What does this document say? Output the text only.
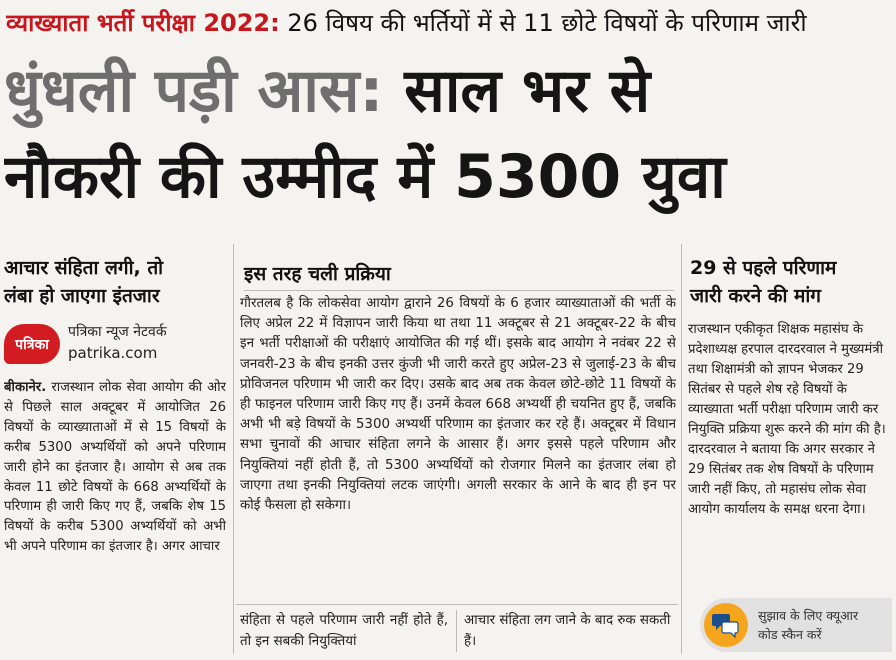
व्याख्याता भर्ती परीक्षा 2022: 26 विषय की भर्तियों में से 11 छोटे विषयों के परिणाम जारी
धुंधली पड़ी आस: साल भर से
नौकरी की उम्मीद में 5300 युवा
आचार संहिता लगी, तो
लंबा हो जाएगा इंतजार
पत्रिका
पत्रिका न्यूज नेटवर्क
patrika.com
बीकानेर. राजस्थान लोक सेवा आयोग की ओर से पिछले साल अक्टूबर में आयोजित 26 विषयों के व्याख्याताओं में से 15 विषयों के करीब 5300 अभ्यर्थियों को अपने परिणाम जारी होने का इंतजार है। आयोग से अब तक केवल 11 छोटे विषयों के 668 अभ्यर्थियों के परिणाम ही जारी किए गए हैं, जबकि शेष 15 विषयों के करीब 5300 अभ्यर्थियों को अभी भी अपने परिणाम का इंतजार है। अगर आचार
इस तरह चली प्रक्रिया
गौरतलब है कि लोकसेवा आयोग द्वाराने 26 विषयों के 6 हजार व्याख्याताओं की भर्ती के लिए अप्रेल 22 में विज्ञापन जारी किया था तथा 11 अक्टूबर से 21 अक्टूबर-22 के बीच इन भर्ती परीक्षाओं की परीक्षाएं आयोजित की गई थीं। इसके बाद आयोग ने नवंबर 22 से जनवरी-23 के बीच इनकी उत्तर कुंजी भी जारी करते हुए अप्रेल-23 से जुलाई-23 के बीच प्रोविजनल परिणाम भी जारी कर दिए। उसके बाद अब तक केवल छोटे-छोटे 11 विषयों के ही फाइनल परिणाम जारी किए गए हैं। उनमें केवल 668 अभ्यर्थी ही चयनित हुए हैं, जबकि अभी भी बड़े विषयों के 5300 अभ्यर्थी परिणाम का इंतजार कर रहे हैं। अक्टूबर में विधान सभा चुनावों की आचार संहिता लगने के आसार हैं। अगर इससे पहले परिणाम और नियुक्तियां नहीं होती हैं, तो 5300 अभ्यर्थियों को रोजगार मिलने का इंतजार लंबा हो जाएगा तथा इनकी नियुक्तियां लटक जाएंगी। अगली सरकार के आने के बाद ही इन पर कोई फैसला हो सकेगा।
संहिता से पहले परिणाम जारी नहीं होते हैं, तो इन सबकी नियुक्तियां
आचार संहिता लग जाने के बाद रुक सकती हैं।
29 से पहले परिणाम
जारी करने की मांग
राजस्थान एकीकृत शिक्षक महासंघ के प्रदेशाध्यक्ष हरपाल दारदरवाल ने मुख्यमंत्री तथा शिक्षामंत्री को ज्ञापन भेजकर 29 सितंबर से पहले शेष रहे विषयों के व्याख्याता भर्ती परीक्षा परिणाम जारी कर नियुक्ति प्रक्रिया शुरू करने की मांग की है। दारदरवाल ने बताया कि अगर सरकार ने 29 सितंबर तक शेष विषयों के परिणाम जारी नहीं किए, तो महासंघ लोक सेवा आयोग कार्यालय के समक्ष धरना देगा।
सुझाव के लिए क्यूआर
कोड स्कैन करें
